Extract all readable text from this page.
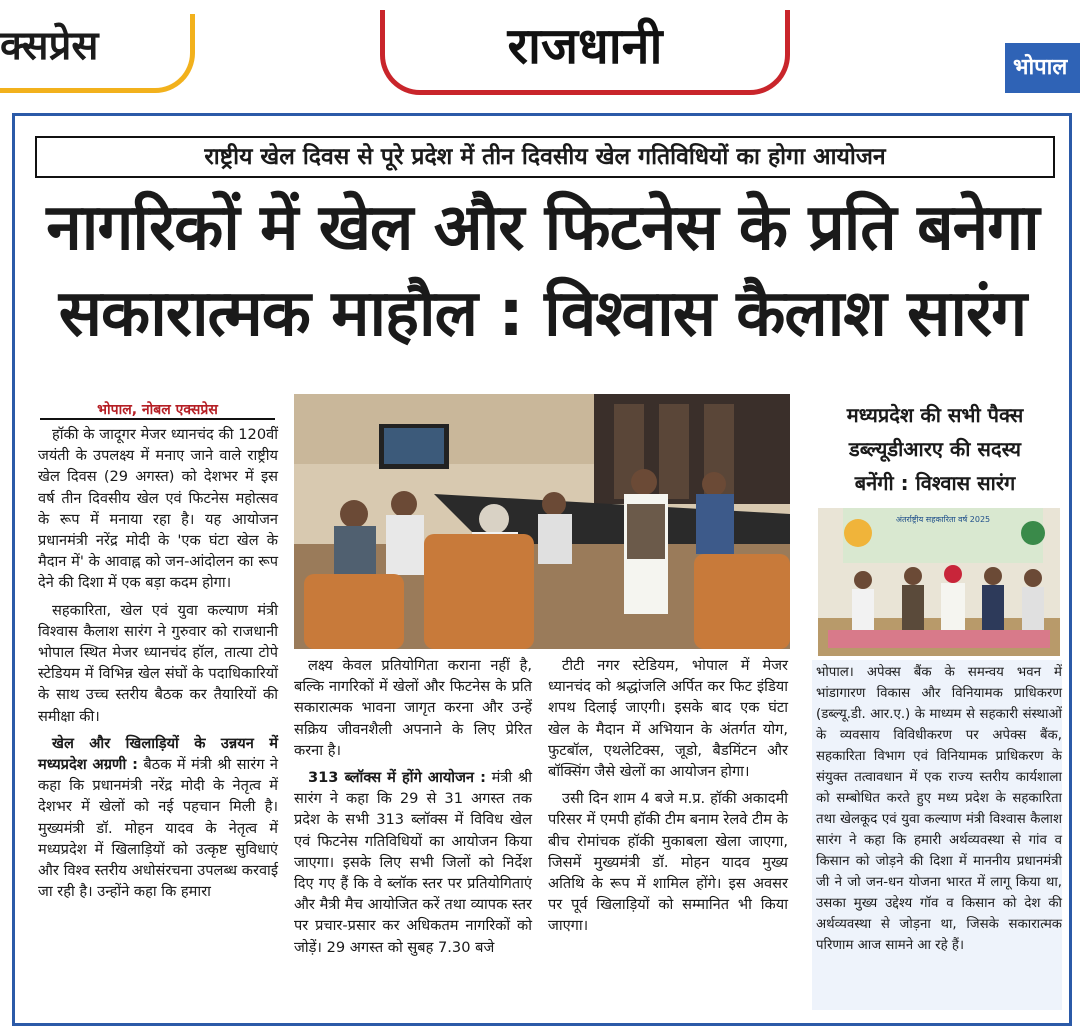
क्सप्रेस	राजधानी	भोपाल
राष्ट्रीय खेल दिवस से पूरे प्रदेश में तीन दिवसीय खेल गतिविधियों का होगा आयोजन
नागरिकों में खेल और फिटनेस के प्रति बनेगा
सकारात्मक माहौल : विश्वास कैलाश सारंग
भोपाल, नोबल एक्सप्रेस

हॉकी के जादूगर मेजर ध्यानचंद की 120वीं जयंती के उपलक्ष्य में मनाए जाने वाले राष्ट्रीय खेल दिवस (29 अगस्त) को देशभर में इस वर्ष तीन दिवसीय खेल एवं फिटनेस महोत्सव के रूप में मनाया रहा है। यह आयोजन प्रधानमंत्री नरेंद्र मोदी के 'एक घंटा खेल के मैदान में' के आवाह्न को जन-आंदोलन का रूप देने की दिशा में एक बड़ा कदम होगा।

सहकारिता, खेल एवं युवा कल्याण मंत्री विश्वास कैलाश सारंग ने गुरुवार को राजधानी भोपाल स्थित मेजर ध्यानचंद हॉल, तात्या टोपे स्टेडियम में विभिन्न खेल संघों के पदाधिकारियों के साथ उच्च स्तरीय बैठक कर तैयारियों की समीक्षा की।

खेल और खिलाड़ियों के उन्नयन में मध्यप्रदेश अग्रणी : बैठक में मंत्री श्री सारंग ने कहा कि प्रधानमंत्री नरेंद्र मोदी के नेतृत्व में देशभर में खेलों को नई पहचान मिली है। मुख्यमंत्री डॉ. मोहन यादव के नेतृत्व में मध्यप्रदेश में खिलाड़ियों को उत्कृष्ट सुविधाएं और विश्व स्तरीय अधोसंरचना उपलब्ध करवाई जा रही है। उन्होंने कहा कि हमारा

लक्ष्य केवल प्रतियोगिता कराना नहीं है, बल्कि नागरिकों में खेलों और फिटनेस के प्रति सकारात्मक भावना जागृत करना और उन्हें सक्रिय जीवनशैली अपनाने के लिए प्रेरित करना है।

313 ब्लॉक्स में होंगे आयोजन : मंत्री श्री सारंग ने कहा कि 29 से 31 अगस्त तक प्रदेश के सभी 313 ब्लॉक्स में विविध खेल एवं फिटनेस गतिविधियों का आयोजन किया जाएगा। इसके लिए सभी जिलों को निर्देश दिए गए हैं कि वे ब्लॉक स्तर पर प्रतियोगिताएं और मैत्री मैच आयोजित करें तथा व्यापक स्तर पर प्रचार-प्रसार कर अधिकतम नागरिकों को जोड़ें। 29 अगस्त को सुबह 7.30 बजे

टीटी नगर स्टेडियम, भोपाल में मेजर ध्यानचंद को श्रद्धांजलि अर्पित कर फिट इंडिया शपथ दिलाई जाएगी। इसके बाद एक घंटा खेल के मैदान में अभियान के अंतर्गत योग, फुटबॉल, एथलेटिक्स, जूडो, बैडमिंटन और बॉक्सिंग जैसे खेलों का आयोजन होगा।

उसी दिन शाम 4 बजे म.प्र. हॉकी अकादमी परिसर में एमपी हॉकी टीम बनाम रेलवे टीम के बीच रोमांचक हॉकी मुकाबला खेला जाएगा, जिसमें मुख्यमंत्री डॉ. मोहन यादव मुख्य अतिथि के रूप में शामिल होंगे। इस अवसर पर पूर्व खिलाड़ियों को सम्मानित भी किया जाएगा।

मध्यप्रदेश की सभी पैक्स
डब्ल्यूडीआरए की सदस्य
बनेंगी : विश्वास सारंग
अंतर्राष्ट्रीय सहकारिता वर्ष 2025

भोपाल। अपेक्स बैंक के समन्वय भवन में भांडागारण विकास और विनियामक प्राधिकरण (डब्ल्यू.डी. आर.ए.) के माध्यम से सहकारी संस्थाओं के व्यवसाय विविधीकरण पर अपेक्स बैंक, सहकारिता विभाग एवं विनियामक प्राधिकरण के संयुक्त तत्वावधान में एक राज्य स्तरीय कार्यशाला को सम्बोधित करते हुए मध्य प्रदेश के सहकारिता तथा खेलकूद एवं युवा कल्याण मंत्री विश्वास कैलाश सारंग ने कहा कि हमारी अर्थव्यवस्था से गांव व किसान को जोड़ने की दिशा में माननीय प्रधानमंत्री जी ने जो जन-धन योजना भारत में लागू किया था, उसका मुख्य उद्देश्य गॉव व किसान को देश की अर्थव्यवस्था से जोड़ना था, जिसके सकारात्मक परिणाम आज सामने आ रहे हैं।
